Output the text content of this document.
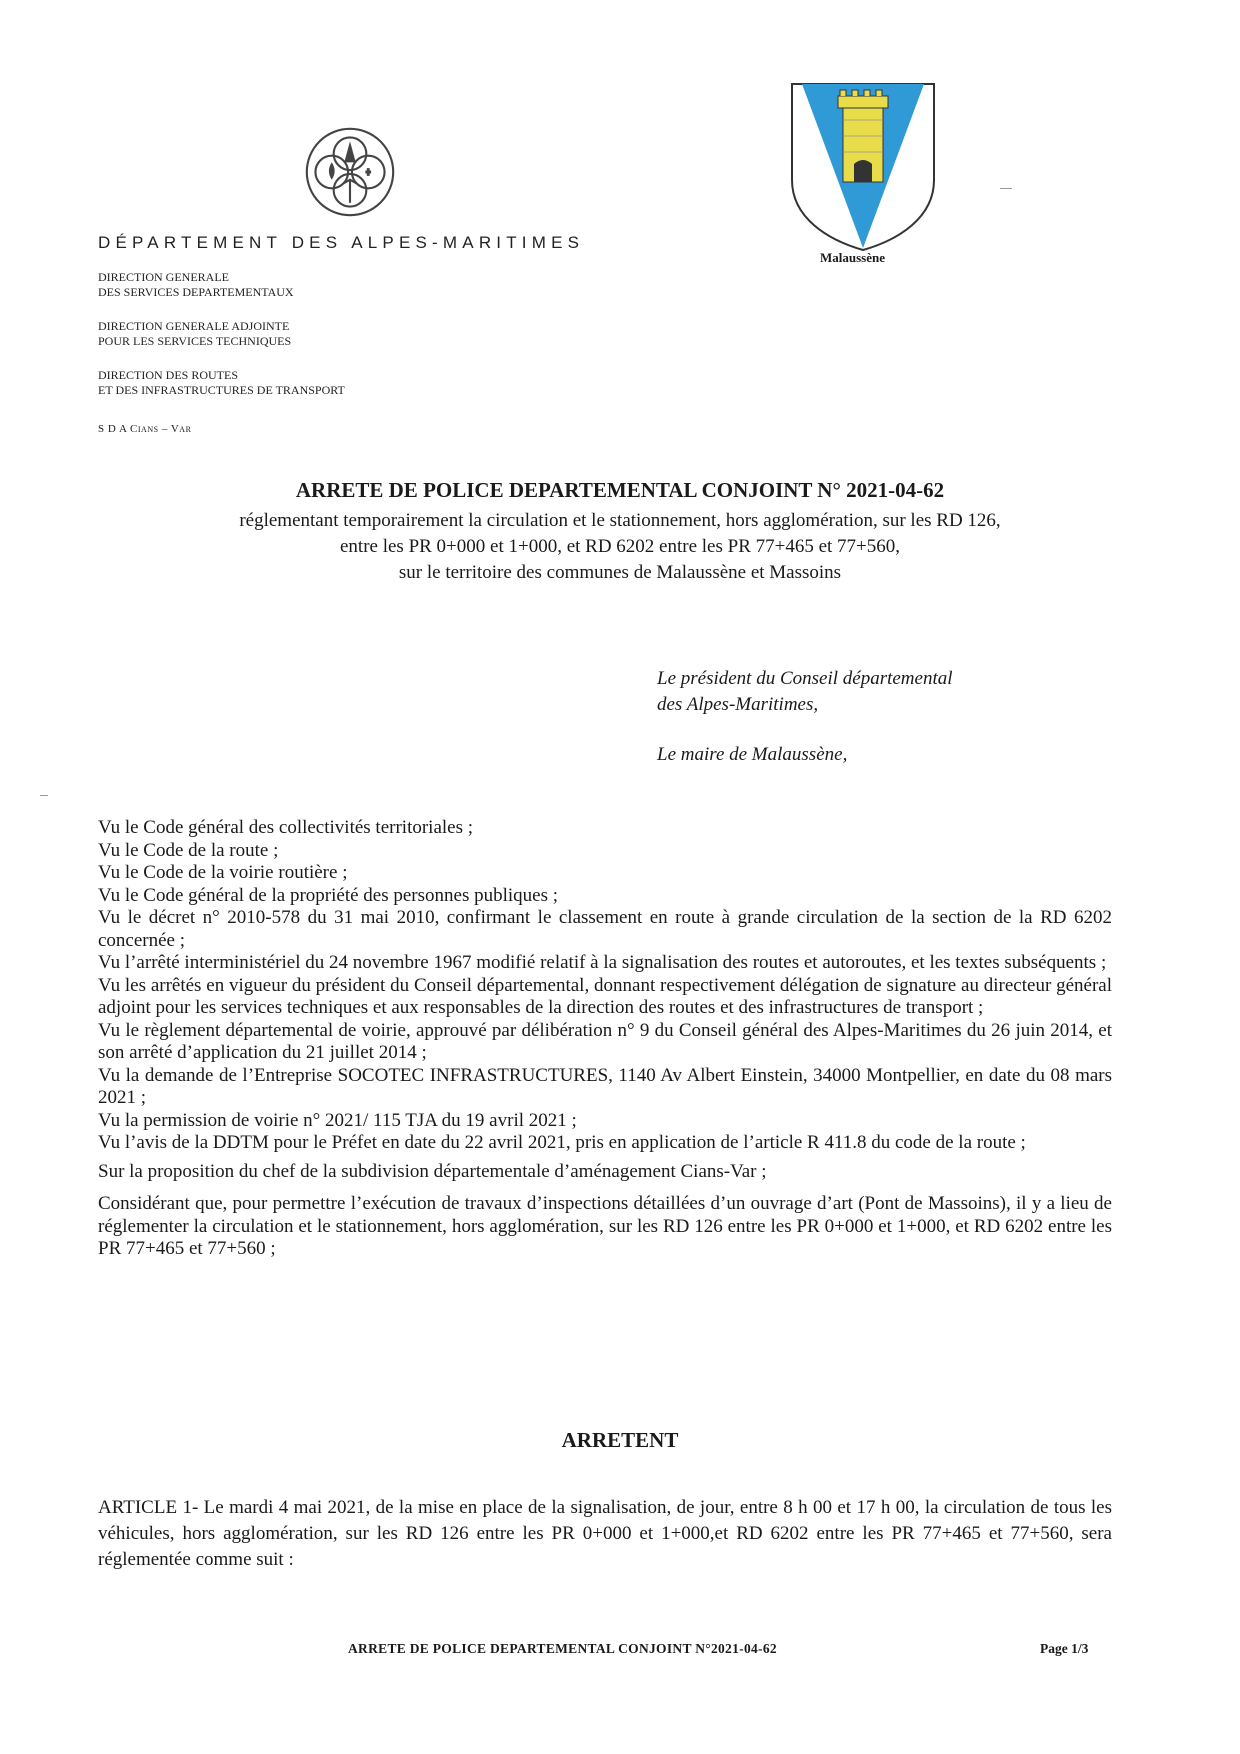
Malaussène
DÉPARTEMENT DES ALPES-MARITIMES
DIRECTION GENERALE
DES SERVICES DEPARTEMENTAUX
DIRECTION GENERALE ADJOINTE
POUR LES SERVICES TECHNIQUES
DIRECTION DES ROUTES
ET DES INFRASTRUCTURES DE TRANSPORT
S D A Cians – Var
ARRETE DE POLICE DEPARTEMENTAL CONJOINT N° 2021-04-62
réglementant temporairement la circulation et le stationnement, hors agglomération, sur les RD 126,
entre les PR 0+000 et 1+000, et RD 6202 entre les PR 77+465 et 77+560,
sur le territoire des communes de Malaussène et Massoins
Le président du Conseil départemental
des Alpes-Maritimes,
Le maire de Malaussène,

Vu le Code général des collectivités territoriales ;

Vu le Code de la route ;

Vu le Code de la voirie routière ;

Vu le Code général de la propriété des personnes publiques ;

Vu le décret n° 2010-578 du 31 mai 2010, confirmant le classement en route à grande circulation de la section de la RD 6202 concernée ;

Vu l’arrêté interministériel du 24 novembre 1967 modifié relatif à la signalisation des routes et autoroutes, et les textes subséquents ;

Vu les arrêtés en vigueur du président du Conseil départemental, donnant respectivement délégation de signature au directeur général adjoint pour les services techniques et aux responsables de la direction des routes et des infrastructures de transport ;

Vu le règlement départemental de voirie, approuvé par délibération n° 9 du Conseil général des Alpes-Maritimes du 26 juin 2014, et son arrêté d’application du 21 juillet 2014 ;

Vu la demande de l’Entreprise SOCOTEC INFRASTRUCTURES, 1140 Av Albert Einstein, 34000 Montpellier, en date du 08 mars 2021 ;

Vu la permission de voirie n° 2021/ 115 TJA du 19 avril 2021 ;

Vu l’avis de la DDTM pour le Préfet en date du 22 avril 2021, pris en application de l’article R 411.8 du code de la route ;

Sur la proposition du chef de la subdivision départementale d’aménagement Cians-Var ;

Considérant que, pour permettre l’exécution de travaux d’inspections détaillées d’un ouvrage d’art (Pont de Massoins), il y a lieu de réglementer la circulation et le stationnement, hors agglomération, sur les RD 126 entre les PR 0+000 et 1+000, et RD 6202 entre les PR 77+465 et 77+560 ;

ARRETENT
ARTICLE 1- Le mardi 4 mai 2021, de la mise en place de la signalisation, de jour, entre 8 h 00 et 17 h 00, la circulation de tous les véhicules, hors agglomération, sur les RD 126 entre les PR 0+000 et 1+000,et RD 6202 entre les PR 77+465 et 77+560, sera réglementée comme suit :
ARRETE DE POLICE DEPARTEMENTAL CONJOINT N°2021-04-62	Page 1/3
